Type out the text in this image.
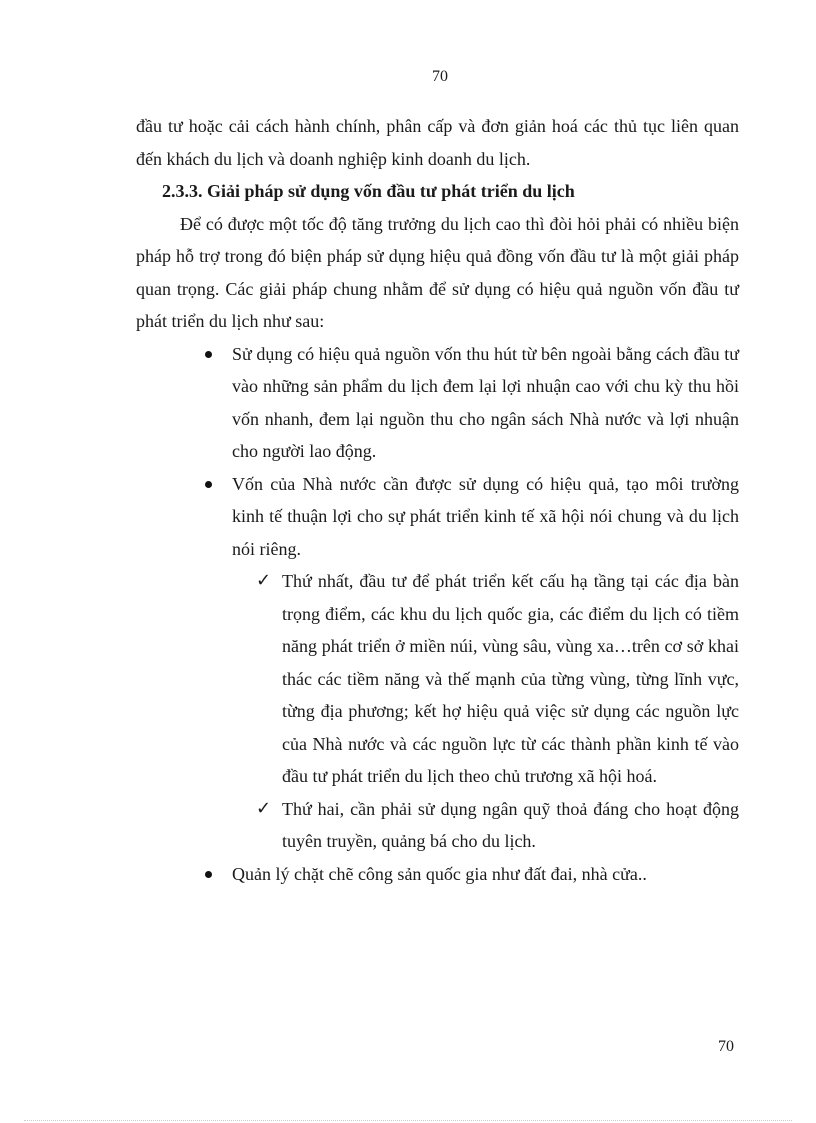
70

đầu tư hoặc cải cách hành chính, phân cấp và đơn giản hoá các thủ tục liên quan đến khách du lịch và doanh nghiệp kinh doanh du lịch.

2.3.3. Giải pháp sử dụng vốn đầu tư phát triển du lịch

Để có được một tốc độ tăng trưởng du lịch cao thì đòi hỏi phải có nhiều biện pháp hỗ trợ trong đó biện pháp sử dụng hiệu quả đồng vốn đầu tư là một giải pháp quan trọng. Các giải pháp chung nhằm để sử dụng có hiệu quả nguồn vốn đầu tư phát triển du lịch như sau:

Sử dụng có hiệu quả nguồn vốn thu hút từ bên ngoài bằng cách đầu tư vào những sản phẩm du lịch đem lại lợi nhuận cao với chu kỳ thu hồi vốn nhanh, đem lại nguồn thu cho ngân sách Nhà nước và lợi nhuận cho người lao động.
Vốn của Nhà nước cần được sử dụng có hiệu quả, tạo môi trường kinh tế thuận lợi cho sự phát triển kinh tế xã hội nói chung và du lịch nói riêng.
✓ Thứ nhất, đầu tư để phát triển kết cấu hạ tầng tại các địa bàn trọng điểm, các khu du lịch quốc gia, các điểm du lịch có tiềm năng phát triển ở miền núi, vùng sâu, vùng xa…trên cơ sở khai thác các tiềm năng và thế mạnh của từng vùng, từng lĩnh vực, từng địa phương; kết hợ hiệu quả việc sử dụng các nguồn lực của Nhà nước và các nguồn lực từ các thành phần kinh tế vào đầu tư phát triển du lịch theo chủ trương xã hội hoá.
✓ Thứ hai, cần phải sử dụng ngân quỹ thoả đáng cho hoạt động tuyên truyền, quảng bá cho du lịch.
Quản lý chặt chẽ công sản quốc gia như đất đai, nhà cửa..
70
